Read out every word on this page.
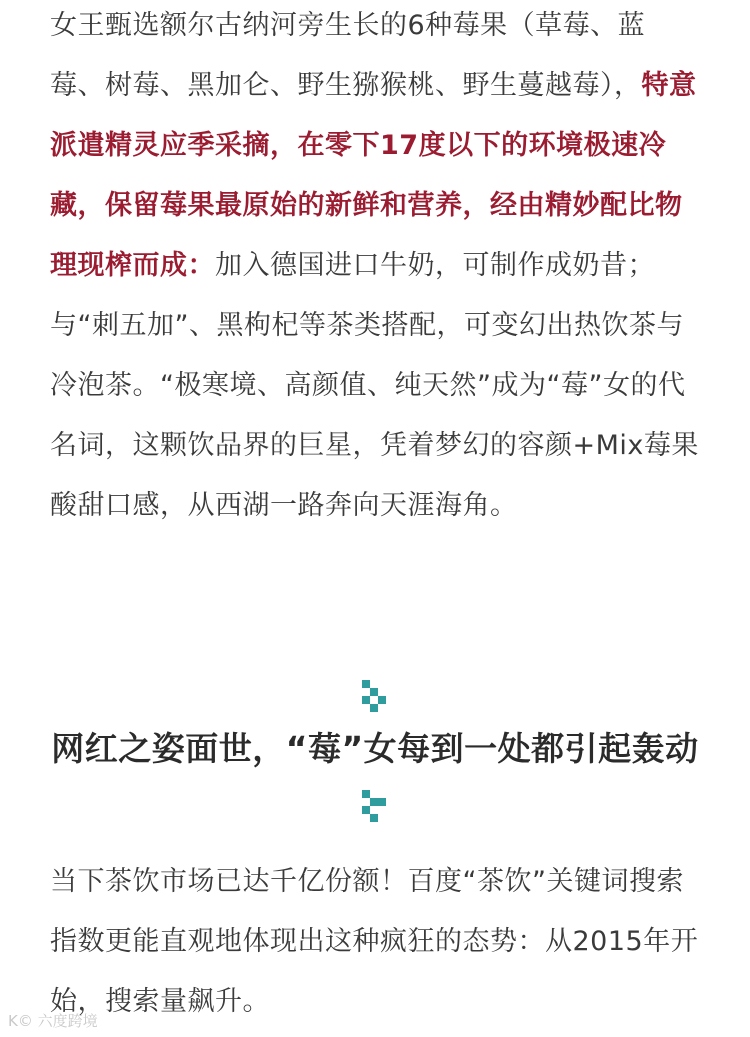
女王甄选额尔古纳河旁生长的6种莓果（草莓、蓝莓、树莓、黑加仑、野生猕猴桃、野生蔓越莓），特意派遣精灵应季采摘，在零下17度以下的环境极速冷藏，保留莓果最原始的新鲜和营养，经由精妙配比物理现榨而成：加入德国进口牛奶，可制作成奶昔；与“刺五加”、黑枸杞等茶类搭配，可变幻出热饮茶与冷泡茶。“极寒境、高颜值、纯天然”成为“莓”女的代名词，这颗饮品界的巨星，凭着梦幻的容颜+Mix莓果酸甜口感，从西湖一路奔向天涯海角。

网红之姿面世，“莓”女每到一处都引起轰动

当下茶饮市场已达千亿份额！百度“茶饮”关键词搜索指数更能直观地体现出这种疯狂的态势：从2015年开始，搜索量飙升。

K© 六度跨境
